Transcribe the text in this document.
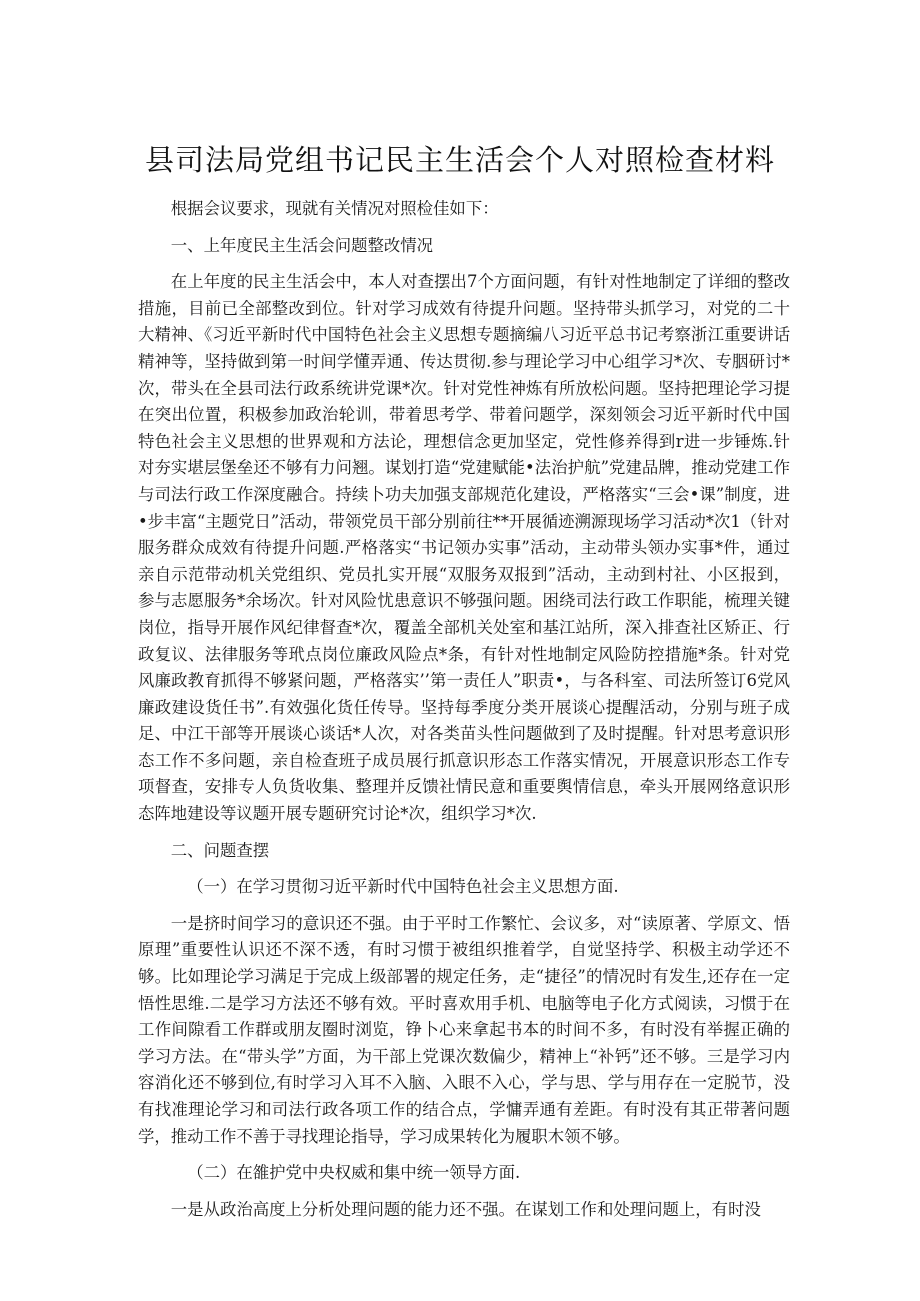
县司法局党组书记民主生活会个人对照检查材料

根据会议要求，现就有关情况对照检佳如下：

一、上年度民主生活会问题整改情况

在上年度的民主生活会中，本人对查摆出7个方面问题，有针对性地制定了详细的整改措施，目前已全部整改到位。针对学习成效有待提升问题。坚持带头抓学习，对党的二十大精神、《习近平新时代中国特色社会主义思想专题摘编八习近平总书记考察浙江重要讲话精神等，坚持做到第一时间学懂弄通、传达贯彻.参与理论学习中心组学习*次、专胭研讨*次，带头在全县司法行政系统讲党课*次。针对党性神炼有所放松问题。坚持把理论学习提在突出位置，积极参加政治轮训，带着思考学、带着问题学，深刻领会习近平新时代中国特色社会主义思想的世界观和方法论，理想信念更加坚定，党性修养得到r进一步锤炼.针对夯实堪层堡垒还不够有力问翘。谋划打造“党建赋能•法治护航”党建品牌，推动党建工作与司法行政工作深度融合。持续卜功夫加强支部规范化建设，严格落实“三会•课”制度，进•步丰富“主题党日”活动，带领党员干部分别前往**开展循迹溯源现场学习活动*次1（针对服务群众成效有待提升问题.严格落实“书记领办实事”活动，主动带头领办实事*件，通过亲自示范带动机关党组织、党员扎实开展“双服务双报到”活动，主动到村社、小区报到，参与志愿服务*余场次。针对风险忧患意识不够强问题。困绕司法行政工作职能，梳理关键岗位，指导开展作风纪律督查*次，覆盖全部机关处室和基江站所，深入排查社区矫正、行政复议、法律服务等玳点岗位廉政风险点*条，有针对性地制定风险防控措施*条。针对党风廉政教育抓得不够紧问题，严格落实’’第一责任人”职责•，与各科室、司法所签订6党风廉政建设货任书”.有效强化货任传导。坚持每季度分类开展谈心提醒活动，分别与班子成足、中江干部等开展谈心谈话*人次，对各类苗头性问题做到了及时提醒。针对思考意识形态工作不多问题，亲自检查班子成员展行抓意识形态工作落实情况，开展意识形态工作专项督查，安排专人负货收集、整理并反馈社情民意和重要舆情信息，牵头开展网络意识形态阵地建设等议题开展专题研究讨论*次，组织学习*次.

二、问题查摆

（一）在学习贯彻习近平新时代中国特色社会主义思想方面.

一是挤时间学习的意识还不强。由于平时工作繁忙、会议多，对“读原著、学原文、悟原理”重要性认识还不深不透，有时习惯于被组织推着学，自觉坚持学、积极主动学还不够。比如理论学习满足于完成上级部署的规定任务，走“捷径”的情况时有发生,还存在一定悟性思维.二是学习方法还不够有效。平时喜欢用手机、电脑等电子化方式阅读，习惯于在工作间隙看工作群或朋友圈时浏览，铮卜心来拿起书本的时间不多，有时没有举握正确的学习方法。在“带头学”方面，为干部上党课次数偏少，精神上“补钙”还不够。三是学习内容消化还不够到位,有时学习入耳不入脑、入眼不入心，学与思、学与用存在一定脱节，没有找准理论学习和司法行政各项工作的结合点，学慵弄通有差距。有时没有其正带著问题学，推动工作不善于寻找理论指导，学习成果转化为履职木领不够。

（二）在雒护党中央权威和集中统一领导方面.

一是从政治高度上分析处理问题的能力还不强。在谋划工作和处理问题上，有时没
